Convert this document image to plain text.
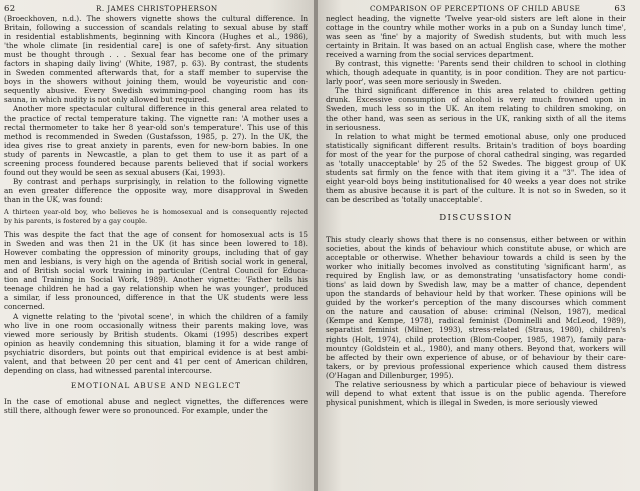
62	R. JAMES CHRISTOPHERSON
(Broeckhoven, n.d.). The showers vignette shows the cultural difference. In
Britain, following a succession of scandals relating to sexual abuse by staff
in residential establishments, beginning with Kincora (Hughes et al., 1986),
'the whole climate [in residential care] is one of safety-first. Any situation
must be thought through . . . Sexual fear has become one of the primary
factors in shaping daily living' (White, 1987, p. 63). By contrast, the students
in Sweden commented afterwards that, for a staff member to supervise the
boys in the showers without joining them, would be voyeuristic and con-
sequently abusive. Every Swedish swimming-pool changing room has its
sauna, in which nudity is not only allowed but required.
Another more spectacular cultural difference in this general area related to
the practice of rectal temperature taking. The vignette ran: 'A mother uses a
rectal thermometer to take her 8 year-old son's temperature'. This use of this
method is recommended in Sweden (Gustafsson, 1985, p. 27). In the UK, the
idea gives rise to great anxiety in parents, even for new-born babies. In one
study of parents in Newcastle, a plan to get them to use it as part of a
screening process foundered because parents believed that if social workers
found out they would be seen as sexual abusers (Kai, 1993).
By contrast and perhaps surprisingly, in relation to the following vignette
an even greater difference the opposite way, more disapproval in Sweden
than in the UK, was found:
A thirteen year-old boy, who believes he is homosexual and is consequently rejected
by his parents, is fostered by a gay couple.
This was despite the fact that the age of consent for homosexual acts is 15
in Sweden and was then 21 in the UK (it has since been lowered to 18).
However combating the oppression of minority groups, including that of gay
men and lesbians, is very high on the agenda of British social work in general,
and of British social work training in particular (Central Council for Educa-
tion and Training in Social Work, 1989). Another vignette: 'Father tells his
teenage children he had a gay relationship when he was younger', produced
a similar, if less pronounced, difference in that the UK students were less
concerned.
A vignette relating to the 'pivotal scene', in which the children of a family
who live in one room occasionally witness their parents making love, was
viewed more seriously by British students. Okami (1995) describes expert
opinion as heavily condemning this situation, blaming it for a wide range of
psychiatric disorders, but points out that empirical evidence is at best ambi-
valent, and that between 20 per cent and 41 per cent of American children,
depending on class, had witnessed parental intercourse.
EMOTIONAL ABUSE AND NEGLECT
In the case of emotional abuse and neglect vignettes, the differences were
still there, although fewer were so pronounced. For example, under the
COMPARISON OF PERCEPTIONS OF CHILD ABUSE	63
neglect heading, the vignette 'Twelve year-old sisters are left alone in their
cottage in the country while mother works in a pub on a Sunday lunch time',
was seen as 'fine' by a majority of Swedish students, but with much less
certainty in Britain. It was based on an actual English case, where the mother
received a warning from the social services department.
By contrast, this vignette: 'Parents send their children to school in clothing
which, though adequate in quantity, is in poor condition. They are not particu-
larly poor', was seen more seriously in Sweden.
The third significant difference in this area related to children getting
drunk. Excessive consumption of alcohol is very much frowned upon in
Sweden, much less so in the UK. An item relating to children smoking, on
the other hand, was seen as serious in the UK, ranking sixth of all the items
in seriousness.
In relation to what might be termed emotional abuse, only one produced
statistically significant different results. Britain's tradition of boys boarding
for most of the year for the purpose of choral cathedral singing, was regarded
as 'totally unacceptable' by 25 of the 52 Swedes. The biggest group of UK
students sat firmly on the fence with that item giving it a "3". The idea of
eight year-old boys being institutionalised for 40 weeks a year does not strike
them as abusive because it is part of the culture. It is not so in Sweden, so it
can be described as 'totally unacceptable'.
DISCUSSION
This study clearly shows that there is no consensus, either between or within
societies, about the kinds of behaviour which constitute abuse, or which are
acceptable or otherwise. Whether behaviour towards a child is seen by the
worker who initially becomes involved as constituting 'significant harm', as
required by English law, or as demonstrating 'unsatisfactory home condi-
tions' as laid down by Swedish law, may be a matter of chance, dependent
upon the standards of behaviour held by that worker. These opinions will be
guided by the worker's perception of the many discourses which comment
on the nature and causation of abuse: criminal (Nelson, 1987), medical
(Kempe and Kempe, 1978), radical feminist (Dominelli and McLeod, 1989),
separatist feminist (Milner, 1993), stress-related (Straus, 1980), children's
rights (Holt, 1974), child protection (Blom-Cooper, 1985, 1987), family para-
mountcy (Goldstein et al., 1980), and many others. Beyond that, workers will
be affected by their own experience of abuse, or of behaviour by their care-
takers, or by previous professional experience which caused them distress
(O'Hagan and Dillenburger, 1995).
The relative seriousness by which a particular piece of behaviour is viewed
will depend to what extent that issue is on the public agenda. Therefore
physical punishment, which is illegal in Sweden, is more seriously viewed
